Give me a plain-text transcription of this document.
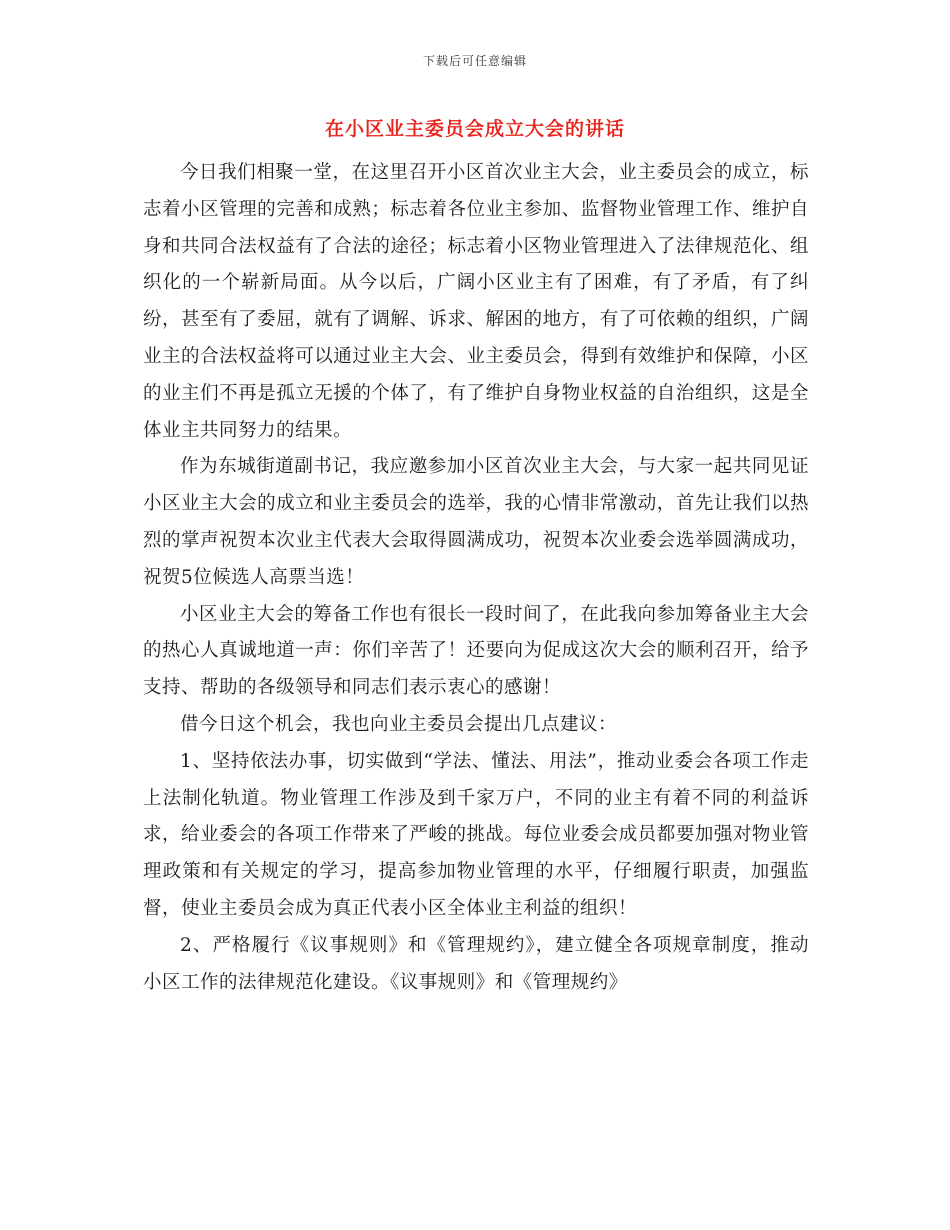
下载后可任意编辑
在小区业主委员会成立大会的讲话

今日我们相聚一堂，在这里召开小区首次业主大会，业主委员会的成立，标志着小区管理的完善和成熟；标志着各位业主参加、监督物业管理工作、维护自身和共同合法权益有了合法的途径；标志着小区物业管理进入了法律规范化、组织化的一个崭新局面。从今以后，广阔小区业主有了困难，有了矛盾，有了纠纷，甚至有了委屈，就有了调解、诉求、解困的地方，有了可依赖的组织，广阔业主的合法权益将可以通过业主大会、业主委员会，得到有效维护和保障，小区的业主们不再是孤立无援的个体了，有了维护自身物业权益的自治组织，这是全体业主共同努力的结果。

作为东城街道副书记，我应邀参加小区首次业主大会，与大家一起共同见证小区业主大会的成立和业主委员会的选举，我的心情非常激动，首先让我们以热烈的掌声祝贺本次业主代表大会取得圆满成功，祝贺本次业委会选举圆满成功，祝贺5位候选人高票当选！

小区业主大会的筹备工作也有很长一段时间了，在此我向参加筹备业主大会的热心人真诚地道一声：你们辛苦了！还要向为促成这次大会的顺利召开，给予支持、帮助的各级领导和同志们表示衷心的感谢！

借今日这个机会，我也向业主委员会提出几点建议：

1、坚持依法办事，切实做到“学法、懂法、用法”，推动业委会各项工作走上法制化轨道。物业管理工作涉及到千家万户，不同的业主有着不同的利益诉求，给业委会的各项工作带来了严峻的挑战。每位业委会成员都要加强对物业管理政策和有关规定的学习，提高参加物业管理的水平，仔细履行职责，加强监督，使业主委员会成为真正代表小区全体业主利益的组织！

2、严格履行《议事规则》和《管理规约》，建立健全各项规章制度，推动小区工作的法律规范化建设。《议事规则》和《管理规约》
